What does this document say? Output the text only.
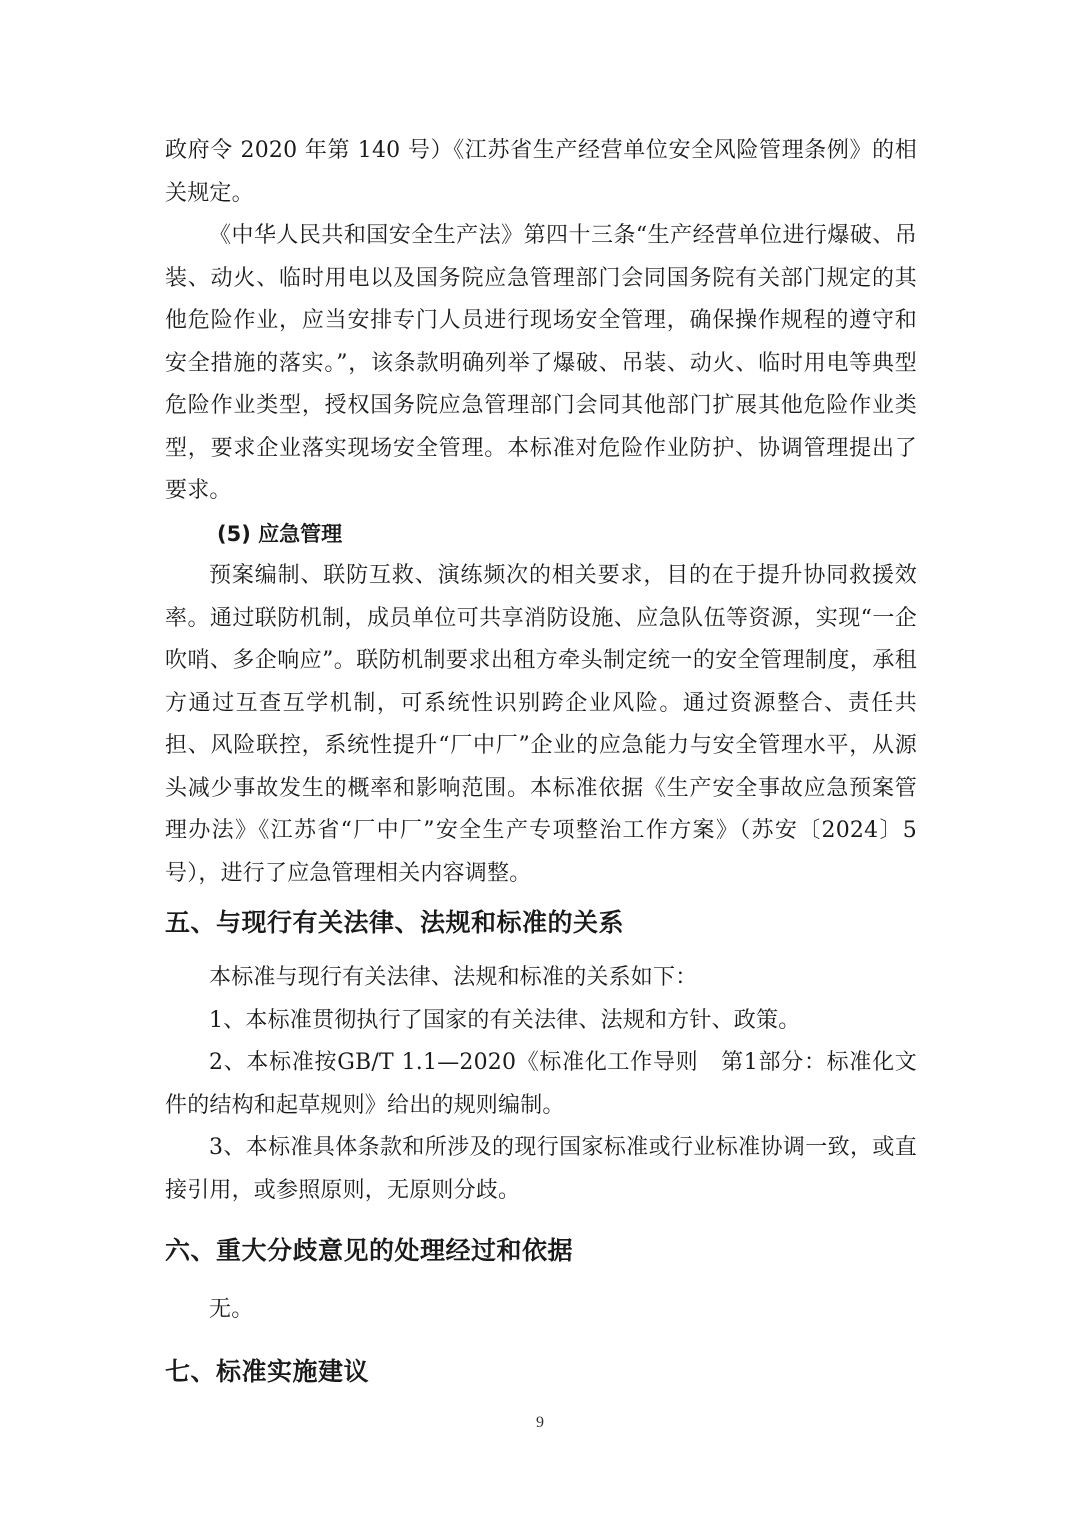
政府令 2020 年第 140 号）《江苏省生产经营单位安全风险管理条例》的相关规定。

《中华人民共和国安全生产法》第四十三条“生产经营单位进行爆破、吊装、动火、临时用电以及国务院应急管理部门会同国务院有关部门规定的其他危险作业，应当安排专门人员进行现场安全管理，确保操作规程的遵守和安全措施的落实。”，该条款明确列举了爆破、吊装、动火、临时用电等典型危险作业类型，授权国务院应急管理部门会同其他部门扩展其他危险作业类型，要求企业落实现场安全管理。本标准对危险作业防护、协调管理提出了要求。

(5) 应急管理

预案编制、联防互救、演练频次的相关要求，目的在于提升协同救援效率。通过联防机制，成员单位可共享消防设施、应急队伍等资源，实现“一企吹哨、多企响应”。联防机制要求出租方牵头制定统一的安全管理制度，承租方通过互查互学机制，可系统性识别跨企业风险。通过资源整合、责任共担、风险联控，系统性提升“厂中厂”企业的应急能力与安全管理水平，从源头减少事故发生的概率和影响范围。本标准依据《生产安全事故应急预案管理办法》《江苏省“厂中厂”安全生产专项整治工作方案》（苏安〔2024〕5 号），进行了应急管理相关内容调整。

五、与现行有关法律、法规和标准的关系

本标准与现行有关法律、法规和标准的关系如下：

1、本标准贯彻执行了国家的有关法律、法规和方针、政策。

2、本标准按GB/T 1.1—2020《标准化工作导则　第1部分：标准化文件的结构和起草规则》给出的规则编制。

3、本标准具体条款和所涉及的现行国家标准或行业标准协调一致，或直接引用，或参照原则，无原则分歧。

六、重大分歧意见的处理经过和依据

无。

七、标准实施建议
9
